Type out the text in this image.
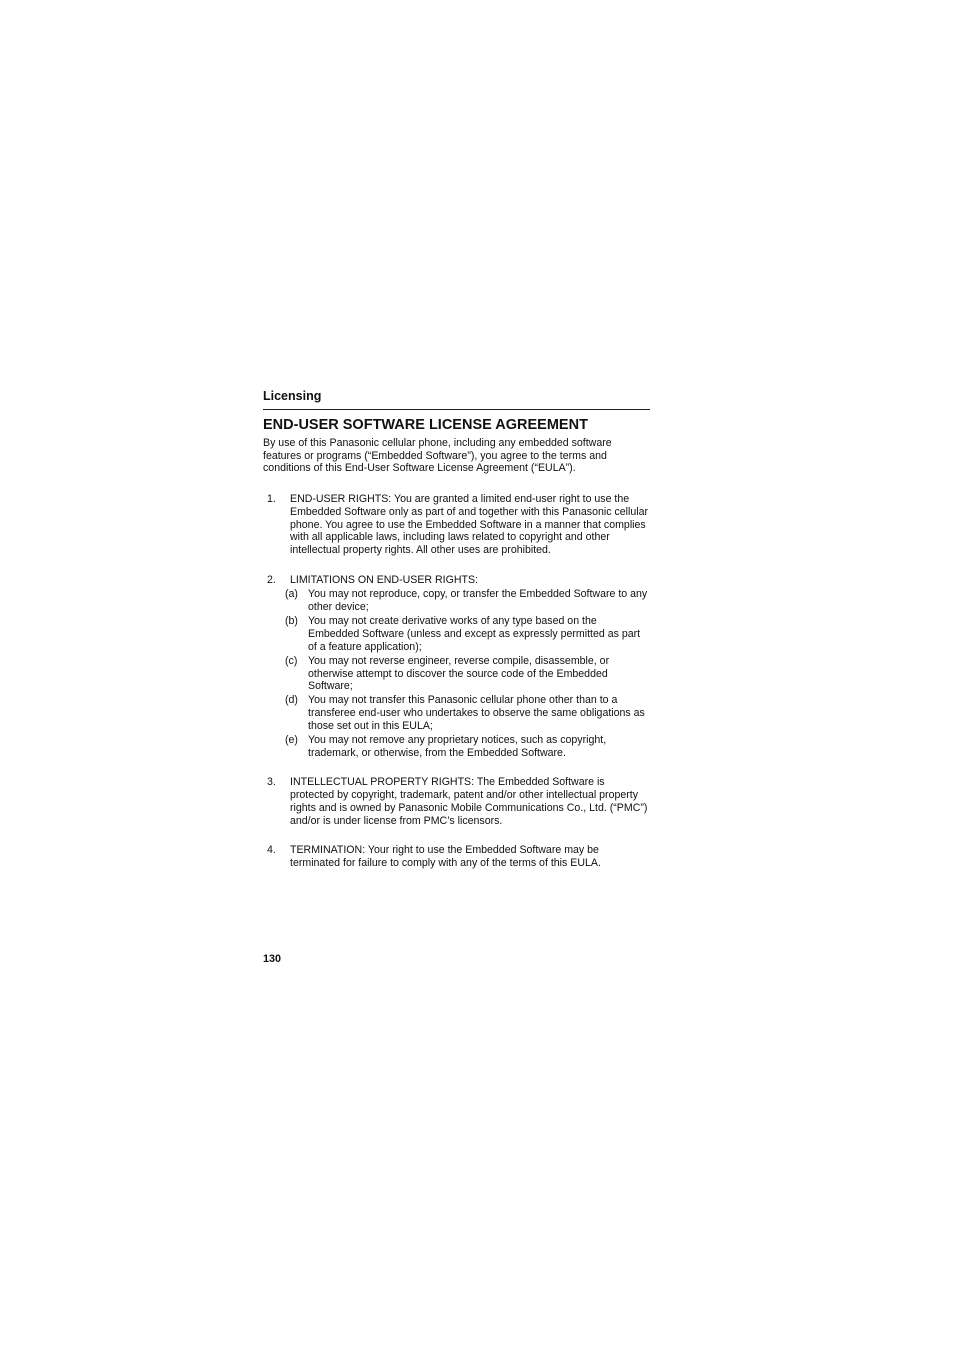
Licensing
END-USER SOFTWARE LICENSE AGREEMENT

By use of this Panasonic cellular phone, including any embedded software features or programs (“Embedded Software”), you agree to the terms and conditions of this End-User Software License Agreement (“EULA”).

1. END-USER RIGHTS: You are granted a limited end-user right to use the Embedded Software only as part of and together with this Panasonic cellular phone. You agree to use the Embedded Software in a manner that complies with all applicable laws, including laws related to copyright and other intellectual property rights. All other uses are prohibited.
2. LIMITATIONS ON END-USER RIGHTS:
(a) You may not reproduce, copy, or transfer the Embedded Software to any other device;
(b) You may not create derivative works of any type based on the Embedded Software (unless and except as expressly permitted as part of a feature application);
(c) You may not reverse engineer, reverse compile, disassemble, or otherwise attempt to discover the source code of the Embedded Software;
(d) You may not transfer this Panasonic cellular phone other than to a transferee end-user who undertakes to observe the same obligations as those set out in this EULA;
(e) You may not remove any proprietary notices, such as copyright, trademark, or otherwise, from the Embedded Software.
3. INTELLECTUAL PROPERTY RIGHTS: The Embedded Software is protected by copyright, trademark, patent and/or other intellectual property rights and is owned by Panasonic Mobile Communications Co., Ltd. (“PMC”) and/or is under license from PMC’s licensors.
4. TERMINATION: Your right to use the Embedded Software may be terminated for failure to comply with any of the terms of this EULA.
130
